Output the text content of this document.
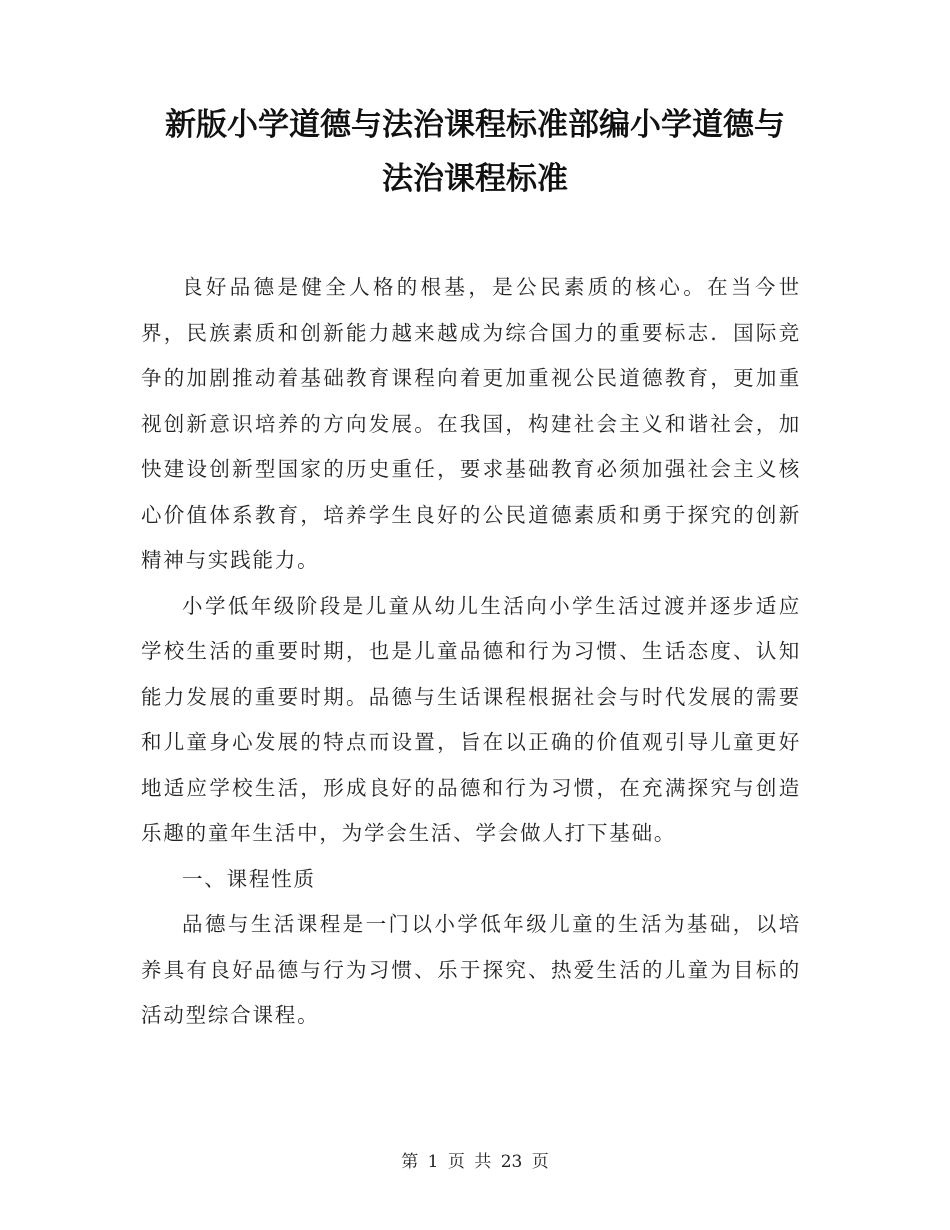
新版小学道德与法治课程标准部编小学道德与
法治课程标准

良好品德是健全人格的根基，是公民素质的核心。在当今世界，民族素质和创新能力越来越成为综合国力的重要标志．国际竞争的加剧推动着基础教育课程向着更加重视公民道德教育，更加重视创新意识培养的方向发展。在我国，构建社会主义和谐社会，加快建设创新型国家的历史重任，要求基础教育必须加强社会主义核心价值体系教育，培养学生良好的公民道德素质和勇于探究的创新精神与实践能力。

小学低年级阶段是儿童从幼儿生活向小学生活过渡并逐步适应学校生活的重要时期，也是儿童品德和行为习惯、生话态度、认知能力发展的重要时期。品德与生话课程根据社会与时代发展的需要和儿童身心发展的特点而设置，旨在以正确的价值观引导儿童更好地适应学校生活，形成良好的品德和行为习惯，在充满探究与创造乐趣的童年生活中，为学会生活、学会做人打下基础。

一、课程性质

品德与生活课程是一门以小学低年级儿童的生活为基础，以培养具有良好品德与行为习惯、乐于探究、热爱生活的儿童为目标的活动型综合课程。

第 1 页 共 23 页
